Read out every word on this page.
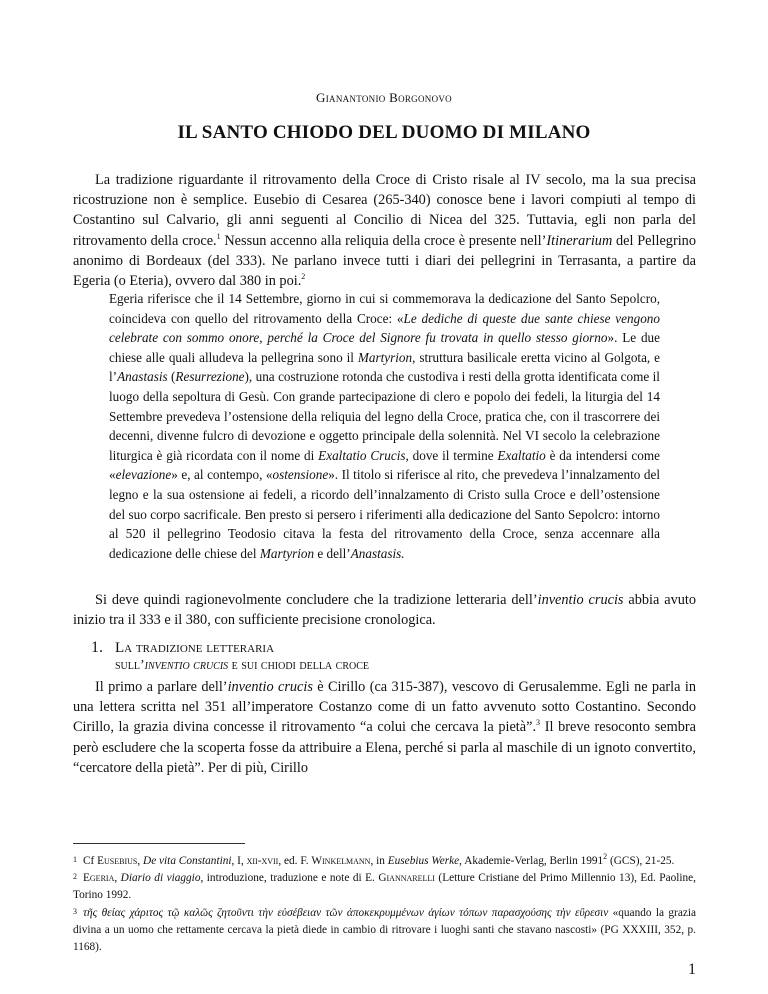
Gianantonio Borgonovo
IL SANTO CHIODO DEL DUOMO DI MILANO
La tradizione riguardante il ritrovamento della Croce di Cristo risale al IV secolo, ma la sua precisa ricostruzione non è semplice. Eusebio di Cesarea (265-340) conosce bene i lavori compiuti al tempo di Costantino sul Calvario, gli anni seguenti al Concilio di Nicea del 325. Tuttavia, egli non parla del ritrovamento della croce.$^1$ Nessun accenno alla reliquia della croce è presente nell’Itinerarium del Pellegrino anonimo di Bordeaux (del 333). Ne parlano invece tutti i diari dei pellegrini in Terrasanta, a partire da Egeria (o Eteria), ovvero dal 380 in poi.$^2$
Egeria riferisce che il 14 Settembre, giorno in cui si commemorava la dedicazione del Santo Sepolcro, coincideva con quello del ritrovamento della Croce: «Le dediche di queste due sante chiese vengono celebrate con sommo onore, perché la Croce del Signore fu trovata in quello stesso giorno». Le due chiese alle quali alludeva la pellegrina sono il Martyrion, struttura basilicale eretta vicino al Golgota, e l’Anastasis (Resurrezione), una costruzione rotonda che custodiva i resti della grotta identificata come il luogo della sepoltura di Gesù. Con grande partecipazione di clero e popolo dei fedeli, la liturgia del 14 Settembre prevedeva l’ostensione della reliquia del legno della Croce, pratica che, con il trascorrere dei decenni, divenne fulcro di devozione e oggetto principale della solennità. Nel VI secolo la celebrazione liturgica è già ricordata con il nome di Exaltatio Crucis, dove il termine Exaltatio è da intendersi come «elevazione» e, al contempo, «ostensione». Il titolo si riferisce al rito, che prevedeva l’innalzamento del legno e la sua ostensione ai fedeli, a ricordo dell’innalzamento di Cristo sulla Croce e dell’ostensione del suo corpo sacrificale. Ben presto si persero i riferimenti alla dedicazione del Santo Sepolcro: intorno al 520 il pellegrino Teodosio citava la festa del ritrovamento della Croce, senza accennare alla dedicazione delle chiese del Martyrion e dell’Anastasis.
Si deve quindi ragionevolmente concludere che la tradizione letteraria dell’inventio crucis abbia avuto inizio tra il 333 e il 380, con sufficiente precisione cronologica.
1. La tradizione letteraria
sull’inventio crucis e sui chiodi della croce
Il primo a parlare dell’inventio crucis è Cirillo (ca 315-387), vescovo di Gerusalemme. Egli ne parla in una lettera scritta nel 351 all’imperatore Costanzo come di un fatto avvenuto sotto Costantino. Secondo Cirillo, la grazia divina concesse il ritrovamento “a colui che cercava la pietà”.$^3$ Il breve resoconto sembra però escludere che la scoperta fosse da attribuire a Elena, perché si parla al maschile di un ignoto convertito, “cercatore della pietà”. Per di più, Cirillo
1 Cf Eusebius, De vita Constantini, I, xii-xvii, ed. F. Winkelmann, in Eusebius Werke, Akademie-Verlag, Berlin 1991$^2$ (GCS), 21-25.
2 Egeria, Diario di viaggio, introduzione, traduzione e note di E. Giannarelli (Letture Cristiane del Primo Millennio 13), Ed. Paoline, Torino 1992.
3 τῆς θείας χάριτος τῷ καλῶς ζητοῦντι τὴν εὐσέβειαν τῶν ἀποκεκρυμμένων ἁγίων τόπων παρασχούσης τὴν εὕρεσιν «quando la grazia divina a un uomo che rettamente cercava la pietà diede in cambio di ritrovare i luoghi santi che stavano nascosti» (PG XXXIII, 352, p. 1168).
1
